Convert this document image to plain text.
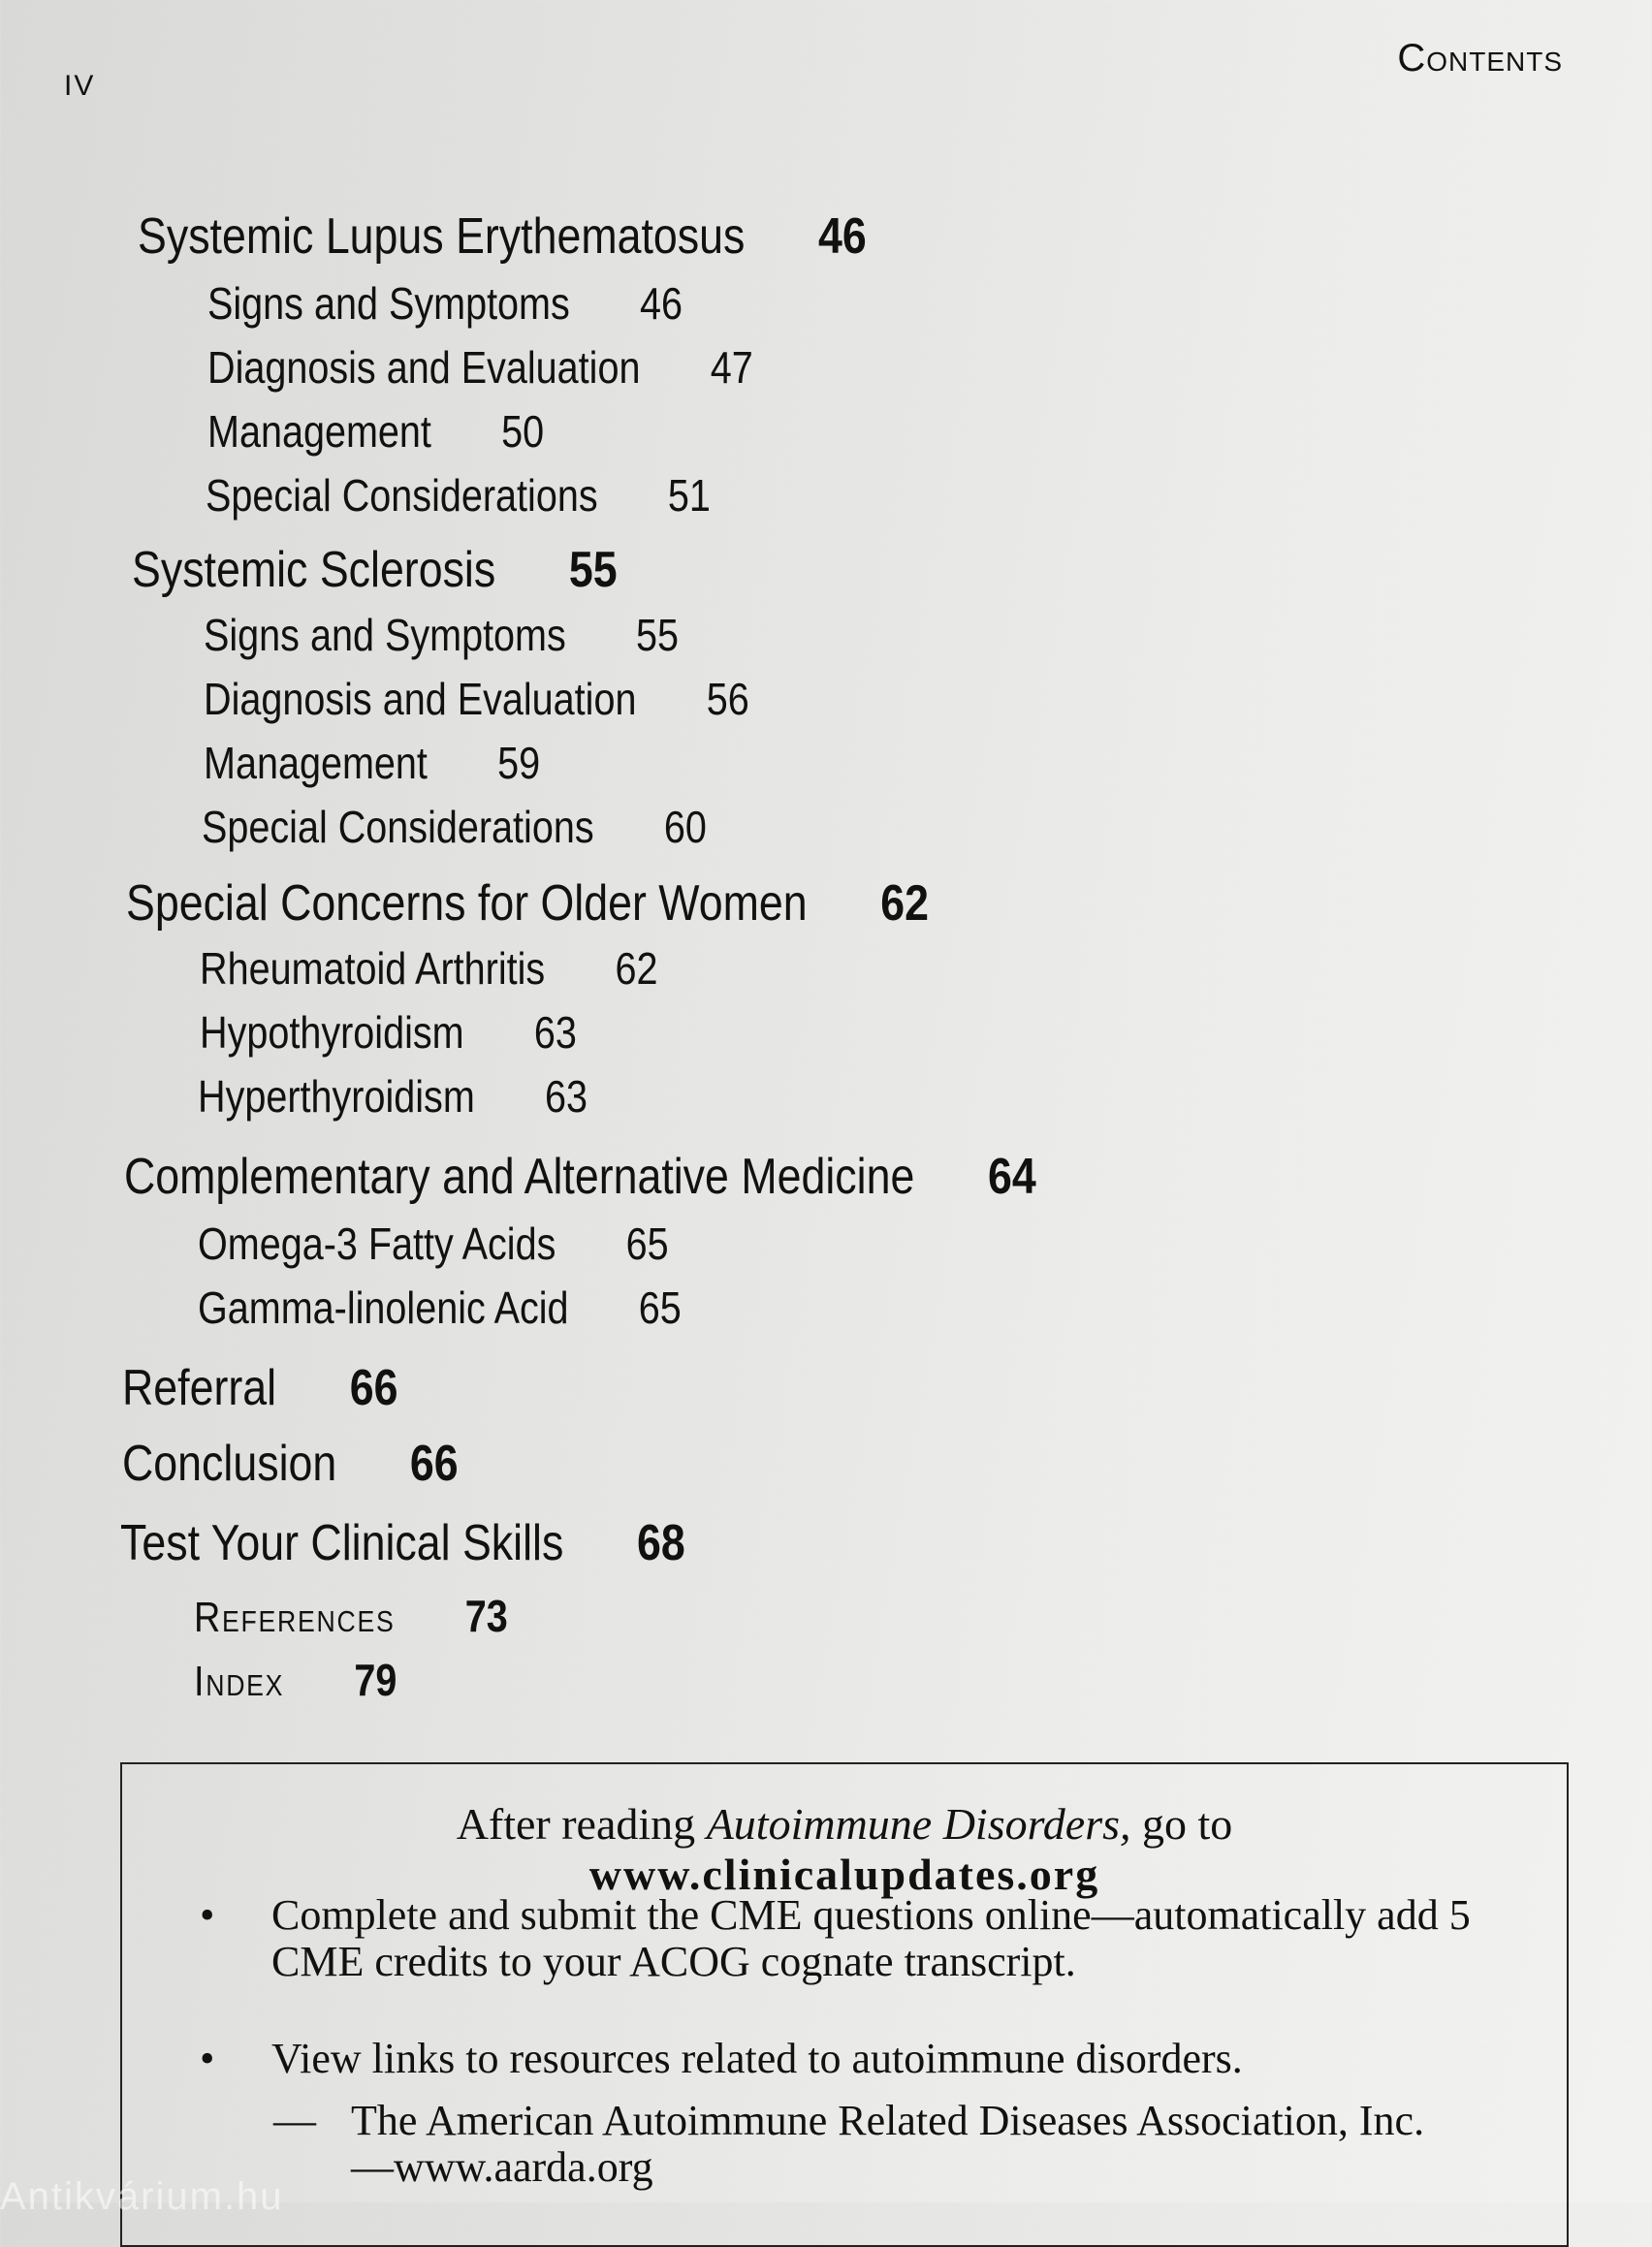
IV
Contents
Systemic Lupus Erythematosus 46
Signs and Symptoms 46
Diagnosis and Evaluation 47
Management 50
Special Considerations 51
Systemic Sclerosis 55
Signs and Symptoms 55
Diagnosis and Evaluation 56
Management 59
Special Considerations 60
Special Concerns for Older Women 62
Rheumatoid Arthritis 62
Hypothyroidism 63
Hyperthyroidism 63
Complementary and Alternative Medicine 64
Omega-3 Fatty Acids 65
Gamma-linolenic Acid 65
Referral 66
Conclusion 66
Test Your Clinical Skills 68
References 73
Index 79
After reading Autoimmune Disorders, go to
www.clinicalupdates.org
• Complete and submit the CME questions online—automatically add 5 CME credits to your ACOG cognate transcript.
• View links to resources related to autoimmune disorders.
— The American Autoimmune Related Diseases Association, Inc.—www.aarda.org
Antikvárium.hu
